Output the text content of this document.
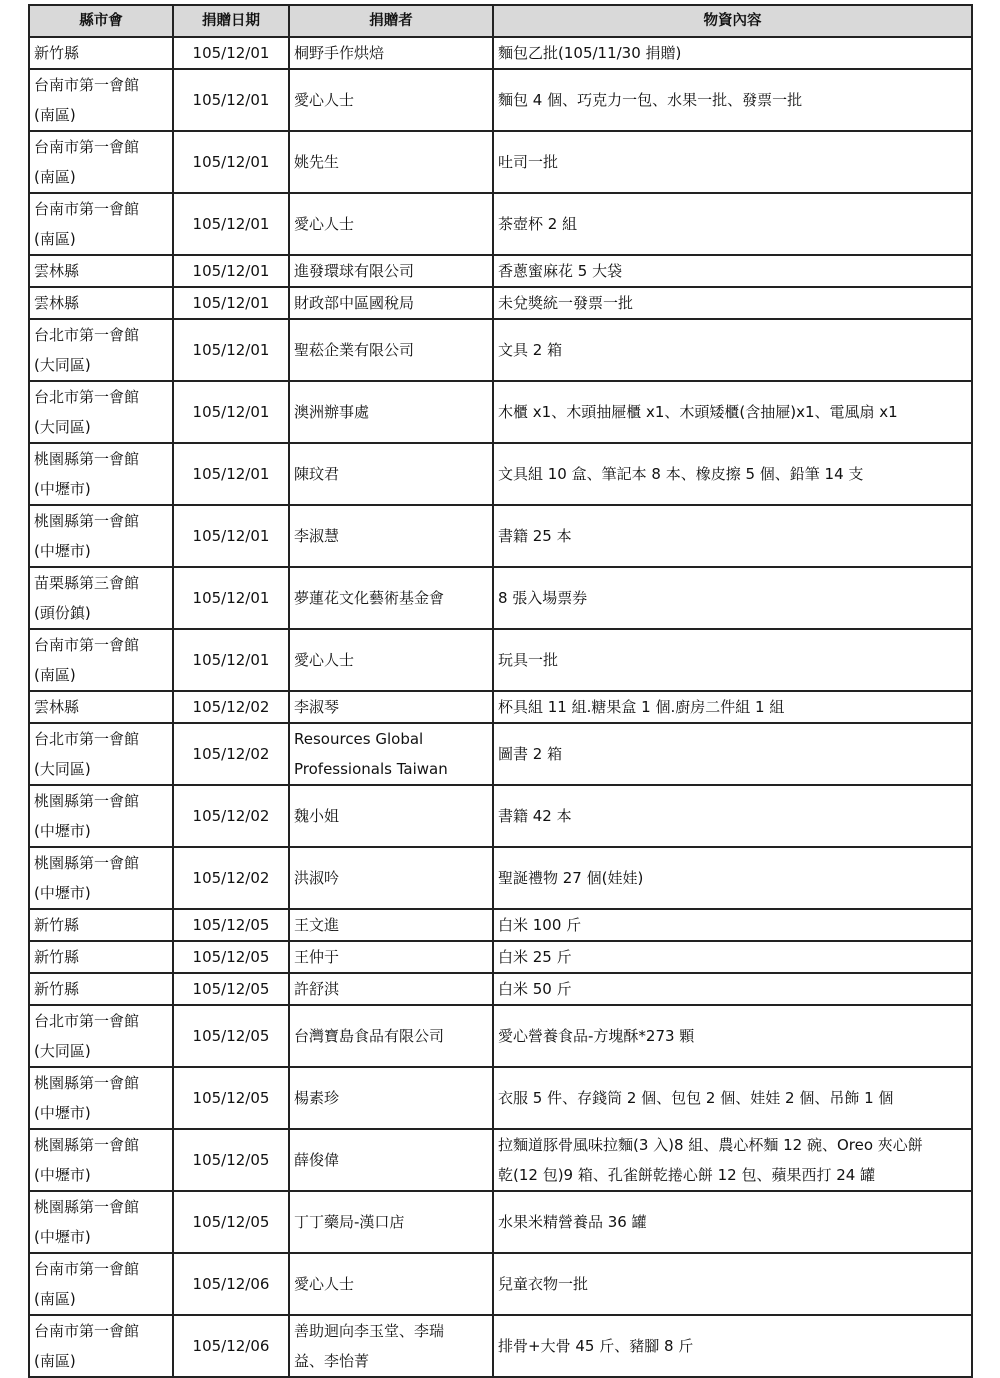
縣市會	捐贈日期	捐贈者	物資內容

新竹縣	105/12/01	桐野手作烘焙	麵包乙批(105/11/30 捐贈)

台南市第一會館
(南區)	105/12/01	愛心人士	麵包 4 個、巧克力一包、水果一批、發票一批

台南市第一會館
(南區)	105/12/01	姚先生	吐司一批

台南市第一會館
(南區)	105/12/01	愛心人士	茶壺杯 2 組

雲林縣	105/12/01	進發環球有限公司	香蔥蜜麻花 5 大袋

雲林縣	105/12/01	財政部中區國稅局	未兌獎統一發票一批

台北市第一會館
(大同區)	105/12/01	聖菘企業有限公司	文具 2 箱

台北市第一會館
(大同區)	105/12/01	澳洲辦事處	木櫃 x1、木頭抽屜櫃 x1、木頭矮櫃(含抽屜)x1、電風扇 x1

桃園縣第一會館
(中壢市)	105/12/01	陳玟君	文具組 10 盒、筆記本 8 本、橡皮擦 5 個、鉛筆 14 支

桃園縣第一會館
(中壢市)	105/12/01	李淑慧	書籍 25 本

苗栗縣第三會館
(頭份鎮)	105/12/01	夢蓮花文化藝術基金會	8 張入場票券

台南市第一會館
(南區)	105/12/01	愛心人士	玩具一批

雲林縣	105/12/02	李淑琴	杯具組 11 組.糖果盒 1 個.廚房二件組 1 組

台北市第一會館
(大同區)	105/12/02	Resources Global
Professionals Taiwan	圖書 2 箱

桃園縣第一會館
(中壢市)	105/12/02	魏小姐	書籍 42 本

桃園縣第一會館
(中壢市)	105/12/02	洪淑吟	聖誕禮物 27 個(娃娃)

新竹縣	105/12/05	王文進	白米 100 斤

新竹縣	105/12/05	王仲于	白米 25 斤

新竹縣	105/12/05	許舒淇	白米 50 斤

台北市第一會館
(大同區)	105/12/05	台灣寶島食品有限公司	愛心營養食品-方塊酥*273 顆

桃園縣第一會館
(中壢市)	105/12/05	楊素珍	衣服 5 件、存錢筒 2 個、包包 2 個、娃娃 2 個、吊飾 1 個

桃園縣第一會館
(中壢市)	105/12/05	薛俊偉	拉麵道豚骨風味拉麵(3 入)8 組、農心杯麵 12 碗、Oreo 夾心餅
乾(12 包)9 箱、孔雀餅乾捲心餅 12 包、蘋果西打 24 罐

桃園縣第一會館
(中壢市)	105/12/05	丁丁藥局-漢口店	水果米精營養品 36 罐

台南市第一會館
(南區)	105/12/06	愛心人士	兒童衣物一批

台南市第一會館
(南區)	105/12/06	善助迴向李玉堂、李瑞
益、李怡菁	排骨+大骨 45 斤、豬腳 8 斤
